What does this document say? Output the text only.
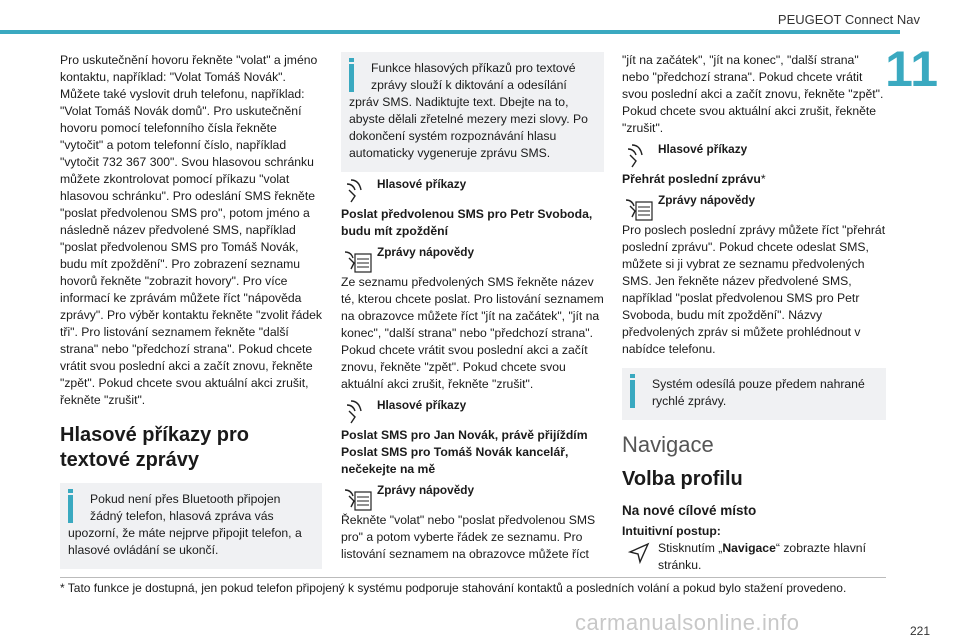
PEUGEOT Connect Nav
11

Pro uskutečnění hovoru řekněte "volat" a jméno kontaktu, například: "Volat Tomáš Novák". Můžete také vyslovit druh telefonu, například: "Volat Tomáš Novák domů". Pro uskutečnění hovoru pomocí telefonního čísla řekněte "vytočit" a potom telefonní číslo, například "vytočit 732 367 300". Svou hlasovou schránku můžete zkontrolovat pomocí příkazu "volat hlasovou schránku". Pro odeslání SMS řekněte "poslat předvolenou SMS pro", potom jméno a následně název předvolené SMS, například "poslat předvolenou SMS pro Tomáš Novák, budu mít zpoždění". Pro zobrazení seznamu hovorů řekněte "zobrazit hovory". Pro více informací ke zprávám můžete říct "nápověda zprávy". Pro výběr kontaktu řekněte "zvolit řádek tři". Pro listování seznamem řekněte "další strana" nebo "předchozí strana". Pokud chcete vrátit svou poslední akci a začít znovu, řekněte "zpět". Pokud chcete svou aktuální akci zrušit, řekněte "zrušit".

Hlasové příkazy pro textové zprávy
Pokud není přes Bluetooth připojen žádný telefon, hlasová zpráva vás
upozorní, že máte nejprve připojit telefon, a hlasové ovládání se ukončí.
Funkce hlasových příkazů pro textové zprávy slouží k diktování a odesílání
zpráv SMS. Nadiktujte text. Dbejte na to, abyste dělali zřetelné mezery mezi slovy. Po dokončení systém rozpoznávání hlasu automaticky vygeneruje zprávu SMS.
Hlasové příkazy

Poslat předvolenou SMS pro Petr Svoboda, budu mít zpoždění

Zprávy nápovědy

Ze seznamu předvolených SMS řekněte název té, kterou chcete poslat. Pro listování seznamem na obrazovce můžete říct "jít na začátek", "jít na konec", "další strana" nebo "předchozí strana". Pokud chcete vrátit svou poslední akci a začít znovu, řekněte "zpět". Pokud chcete svou aktuální akci zrušit, řekněte "zrušit".

Hlasové příkazy

Poslat SMS pro Jan Novák, právě přijíždím Poslat SMS pro Tomáš Novák kancelář, nečekejte na mě

Zprávy nápovědy

Řekněte "volat" nebo "poslat předvolenou SMS pro" a potom vyberte řádek ze seznamu. Pro listování seznamem na obrazovce můžete říct

"jít na začátek", "jít na konec", "další strana" nebo "předchozí strana". Pokud chcete vrátit svou poslední akci a začít znovu, řekněte "zpět". Pokud chcete svou aktuální akci zrušit, řekněte "zrušit".

Hlasové příkazy

Přehrát poslední zprávu*

Zprávy nápovědy

Pro poslech poslední zprávy můžete říct "přehrát poslední zprávu". Pokud chcete odeslat SMS, můžete si ji vybrat ze seznamu předvolených SMS. Jen řekněte název předvolené SMS, například "poslat předvolenou SMS pro Petr Svoboda, budu mít zpoždění". Názvy předvolených zpráv si můžete prohlédnout v nabídce telefonu.

Systém odesílá pouze předem nahrané
rychlé zprávy.
Navigace
Volba profilu
Na nové cílové místo

Intuitivní postup:

Stisknutím „Navigace“ zobrazte hlavní stránku.
* Tato funkce je dostupná, jen pokud telefon připojený k systému podporuje stahování kontaktů a posledních volání a pokud bylo stažení provedeno.
carmanualsonline.info	221
